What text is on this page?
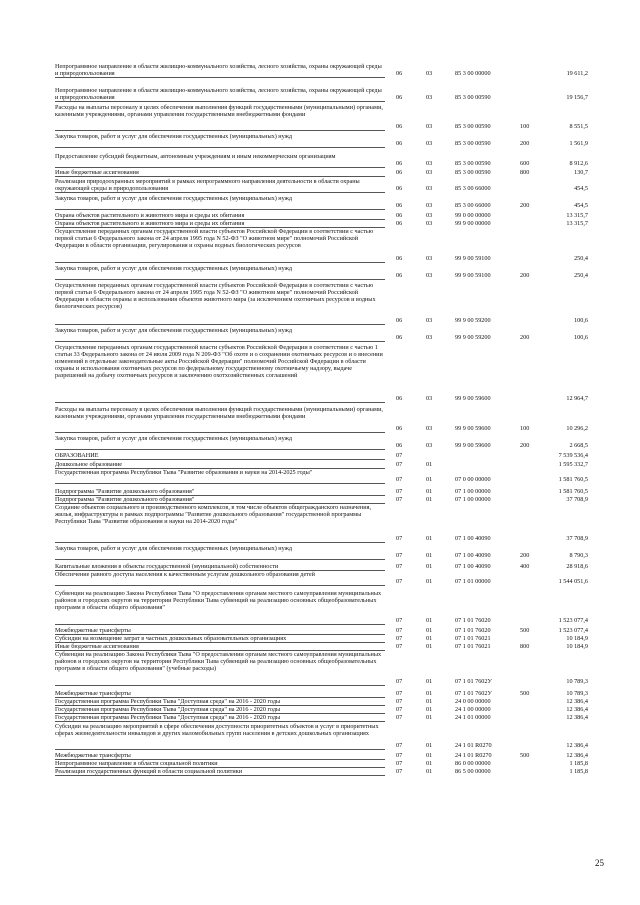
Непрограммное направление в области жилищно-коммунального хозяйства, лесного хозяйства, охраны окружающей среды и природопользования	06	03	85 3 00 00000	19 611,2
Непрограммное направление в области жилищно-коммунального хозяйства, лесного хозяйства, охраны окружающей среды и природопользования	06	03	85 3 00 00590	19 156,7
Расходы на выплаты персоналу в целях обеспечения выполнения функций государственными (муниципальными) органами, казенными учреждениями, органами управления государственными внебюджетными фондами
06	03	85 3 00 00590	100	8 551,5
Закупка товаров, работ и услуг для обеспечения государственных (муниципальных) нужд
06	03	85 3 00 00590	200	1 561,9
Предоставление субсидий бюджетным, автономным учреждениям и иным некоммерческим организациям
06	03	85 3 00 00590	600	8 912,6
Иные бюджетные ассигнования	06	03	85 3 00 00590	800	130,7
Реализация природоохранных мероприятий в рамках непрограммного направления деятельности в области охраны окружающей среды и природопользования	06	03	85 3 00 66000	454,5
Закупка товаров, работ и услуг для обеспечения государственных (муниципальных) нужд
06	03	85 3 00 66000	200	454,5
Охрана объектов растительного и животного мира и среды их обитания	06	03	99 0 00 00000	13 315,7
Охрана объектов растительного и животного мира и среды их обитания	06	03	99 9 00 00000	13 315,7
Осуществление переданных органам государственной власти субъектов Российской Федерации в соответствии с частью первой статьи 6 Федерального закона от 24 апреля 1995 года N 52-ФЗ "О животном мире" полномочий Российской Федерации в области организации, регулирования и охраны водных биологических ресурсов
06	03	99 9 00 59100	250,4
Закупка товаров, работ и услуг для обеспечения государственных (муниципальных) нужд
06	03	99 9 00 59100	200	250,4
Осуществление переданных органам государственной власти субъектов Российской Федерации в соответствии с частью первой статьи 6 Федерального закона от 24 апреля 1995 года N 52-ФЗ "О животном мире" полномочий Российской Федерации в области охраны и использования объектов животного мира (за исключением охотничьих ресурсов и водных биологических ресурсов)
06	03	99 9 00 59200	100,6
Закупка товаров, работ и услуг для обеспечения государственных (муниципальных) нужд
06	03	99 9 00 59200	200	100,6
Осуществление переданных органам государственной власти субъектов Российской Федерации в соответствии с частью 1 статьи 33 Федерального закона от 24 июля 2009 года N 209-ФЗ "Об охоте и о сохранении охотничьих ресурсов и о внесении изменений в отдельные законодательные акты Российской Федерации" полномочий Российской Федерации в области охраны и использования охотничьих ресурсов по федеральному государственному охотничьему надзору, выдаче разрешений на добычу охотничьих ресурсов и заключению охотхозяйственных соглашений
06	03	99 9 00 59600	12 964,7
Расходы на выплаты персоналу в целях обеспечения выполнения функций государственными (муниципальными) органами, казенными учреждениями, органами управления государственными внебюджетными фондами
06	03	99 9 00 59600	100	10 296,2
Закупка товаров, работ и услуг для обеспечения государственных (муниципальных) нужд
06	03	99 9 00 59600	200	2 668,5
ОБРАЗОВАНИЕ	07	7 539 536,4
Дошкольное образование	07	01	1 595 332,7
Государственная программа Республики Тыва "Развитие образования и науки на 2014-2025 годы"
07	01	07 0 00 00000	1 581 760,5
Подпрограмма "Развитие дошкольного образования"	07	01	07 1 00 00000	1 581 760,5
Подпрограмма "Развитие дошкольного образования"	07	01	07 1 00 00000	37 708,9
Создание объектов социального и производственного комплексов, в том числе объектов общегражданского назначения, жилья, инфраструктуры в рамках подпрограммы "Развитие дошкольного образования" государственной программы Республики Тыва "Развитие образования и науки на 2014-2020 годы"
07	01	07 1 00 40090	37 708,9
Закупка товаров, работ и услуг для обеспечения государственных (муниципальных) нужд
07	01	07 1 00 40090	200	8 790,3
Капитальные вложения в объекты государственной (муниципальной) собственности	07	01	07 1 00 40090	400	28 918,6
Обеспечение равного доступа населения к качественным услугам дошкольного образования детей
07	01	07 1 01 00000	1 544 051,6
Субвенции на реализацию Закона Республики Тыва "О предоставлении органам местного самоуправления муниципальных районов и городских округов на территории Республики Тыва субвенций на реализацию основных общеобразовательных программ в области общего образования"
07	01	07 1 01 76020	1 523 077,4
Межбюджетные трансферты	07	01	07 1 01 76020	500	1 523 077,4
Субсидии на возмещение затрат в частных дошкольных образовательных организациях	07	01	07 1 01 76021	10 184,9
Иные бюджетные ассигнования	07	01	07 1 01 76021	800	10 184,9
Субвенции на реализацию Закона Республики Тыва "О предоставлении органам местного самоуправления муниципальных районов и городских округов на территории Республики Тыва субвенций на реализацию основных общеобразовательных программ в области общего образования" (учебные расходы)
07	01	07 1 01 7602У	10 789,3
Межбюджетные трансферты	07	01	07 1 01 7602У	500	10 789,3
Государственная программа Республики Тыва "Доступная среда" на 2016 - 2020 годы	07	01	24 0 00 00000	12 386,4
Государственная программа Республики Тыва "Доступная среда" на 2016 - 2020 годы	07	01	24 1 00 00000	12 386,4
Государственная программа Республики Тыва "Доступная среда" на 2016 - 2020 годы	07	01	24 1 01 00000	12 386,4
Субсидии на реализацию мероприятий в сфере обеспечения доступности приоритетных объектов и услуг в приоритетных сферах жизнедеятельности инвалидов и других маломобильных групп населения в детских дошкольных организациях
07	01	24 1 01 R0270	12 386,4
Межбюджетные трансферты	07	01	24 1 01 R0270	500	12 386,4
Непрограммное направление в области социальной политики	07	01	86 0 00 00000	1 185,8
Реализация государственных функций в области социальной политики	07	01	86 5 00 00000	1 185,8
25
